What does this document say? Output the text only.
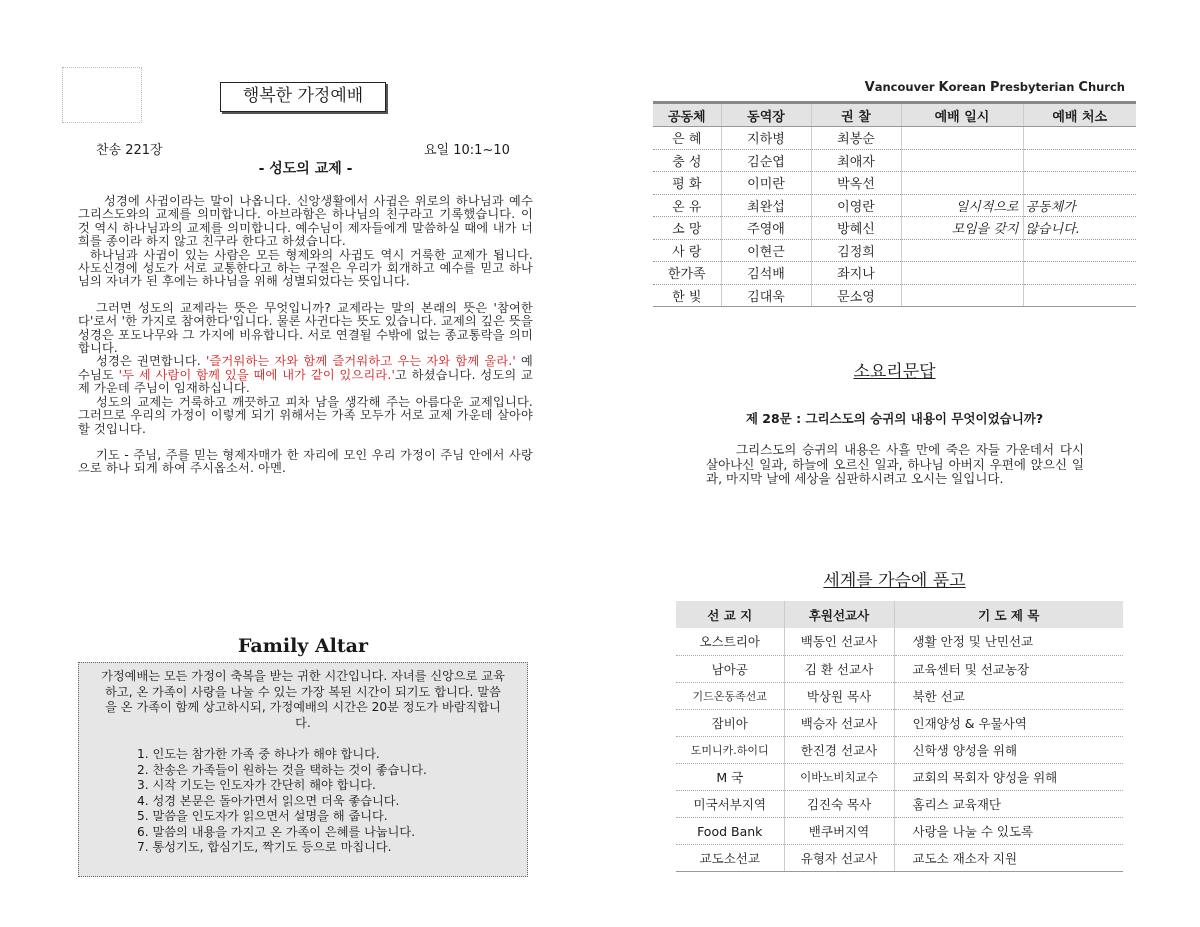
행복한 가정예배
찬송 221장	요일 10:1~10
- 성도의 교제 -

성경에 사귐이라는 말이 나옵니다. 신앙생활에서 사귐은 위로의 하나님과 예수 그리스도와의 교제를 의미합니다. 아브라함은 하나님의 친구라고 기록했습니다. 이것 역시 하나님과의 교제를 의미합니다. 예수님이 제자들에게 말씀하실 때에 내가 너희를 종이라 하지 않고 친구라 한다고 하셨습니다.

하나님과 사귐이 있는 사람은 모든 형제와의 사귐도 역시 거룩한 교제가 됩니다. 사도신경에 성도가 서로 교통한다고 하는 구절은 우리가 회개하고 예수를 믿고 하나님의 자녀가 된 후에는 하나님을 위해 성별되었다는 뜻입니다.

그러면 성도의 교제라는 뜻은 무엇입니까? 교제라는 말의 본래의 뜻은 '참여한다'로서 '한 가지로 참여한다'입니다. 물론 사귄다는 뜻도 있습니다. 교제의 깊은 뜻을 성경은 포도나무와 그 가지에 비유합니다. 서로 연결될 수밖에 없는 종교통락을 의미합니다.

성경은 권면합니다. '즐거워하는 자와 함께 즐거워하고 우는 자와 함께 울라.' 예수님도 '두 세 사람이 함께 있을 때에 내가 같이 있으리라.'고 하셨습니다. 성도의 교제 가운데 주님이 임재하십니다.

성도의 교제는 거룩하고 깨끗하고 피차 남을 생각해 주는 아름다운 교제입니다. 그러므로 우리의 가정이 이렇게 되기 위해서는 가족 모두가 서로 교제 가운데 살아야 할 것입니다.

기도 - 주님, 주를 믿는 형제자매가 한 자리에 모인 우리 가정이 주님 안에서 사랑으로 하나 되게 하여 주시옵소서. 아멘.

Family Altar
가정예배는 모든 가정이 축복을 받는 귀한 시간입니다. 자녀를 신앙으로 교육 하고, 온 가족이 사랑을 나눌 수 있는 가장 복된 시간이 되기도 합니다. 말씀을 온 가족이 함께 상고하시되, 가정예배의 시간은 20분 정도가 바람직합니다.
1. 인도는 참가한 가족 중 하나가 해야 합니다.
2. 찬송은 가족들이 원하는 것을 택하는 것이 좋습니다.
3. 시작 기도는 인도자가 간단히 해야 합니다.
4. 성경 본문은 돌아가면서 읽으면 더욱 좋습니다.
5. 말씀을 인도자가 읽으면서 설명을 해 줍니다.
6. 말씀의 내용을 가지고 온 가족이 은혜를 나눕니다.
7. 통성기도, 합심기도, 짝기도 등으로 마칩니다.
Vancouver Korean Presbyterian Church
공동체	동역장	권 찰	예배 일시	예배 처소
은 혜	지하병	최봉순		
충 성	김순엽	최애자		
평 화	이미란	박옥선		
온 유	최완섭	이영란	일시적으로	공동체가
소 망	주영애	방혜신	모임을 갖지	않습니다.
사 랑	이현근	김정희		
한가족	김석배	좌지나		
한 빛	김대욱	문소영		
소요리문답
제 28문 : 그리스도의 승귀의 내용이 무엇이었습니까?
그리스도의 승귀의 내용은 사흘 만에 죽은 자들 가운데서 다시 살아나신 일과, 하늘에 오르신 일과, 하나님 아버지 우편에 앉으신 일과, 마지막 날에 세상을 심판하시려고 오시는 일입니다.
세계를 가슴에 품고
선 교 지	후원선교사	기 도 제 목
오스트리아	백동인 선교사	생활 안정 및 난민선교
남아공	김 환 선교사	교육센터 및 선교농장
기드온동족선교	박상원 목사	북한 선교
잠비아	백승자 선교사	인재양성 & 우물사역
도미니카.하이디	한진경 선교사	신학생 양성을 위해
M 국	이바노비치교수	교회의 목회자 양성을 위해
미국서부지역	김진숙 목사	홈리스 교육재단
Food Bank	밴쿠버지역	사랑을 나눌 수 있도록
교도소선교	유형자 선교사	교도소 재소자 지원
